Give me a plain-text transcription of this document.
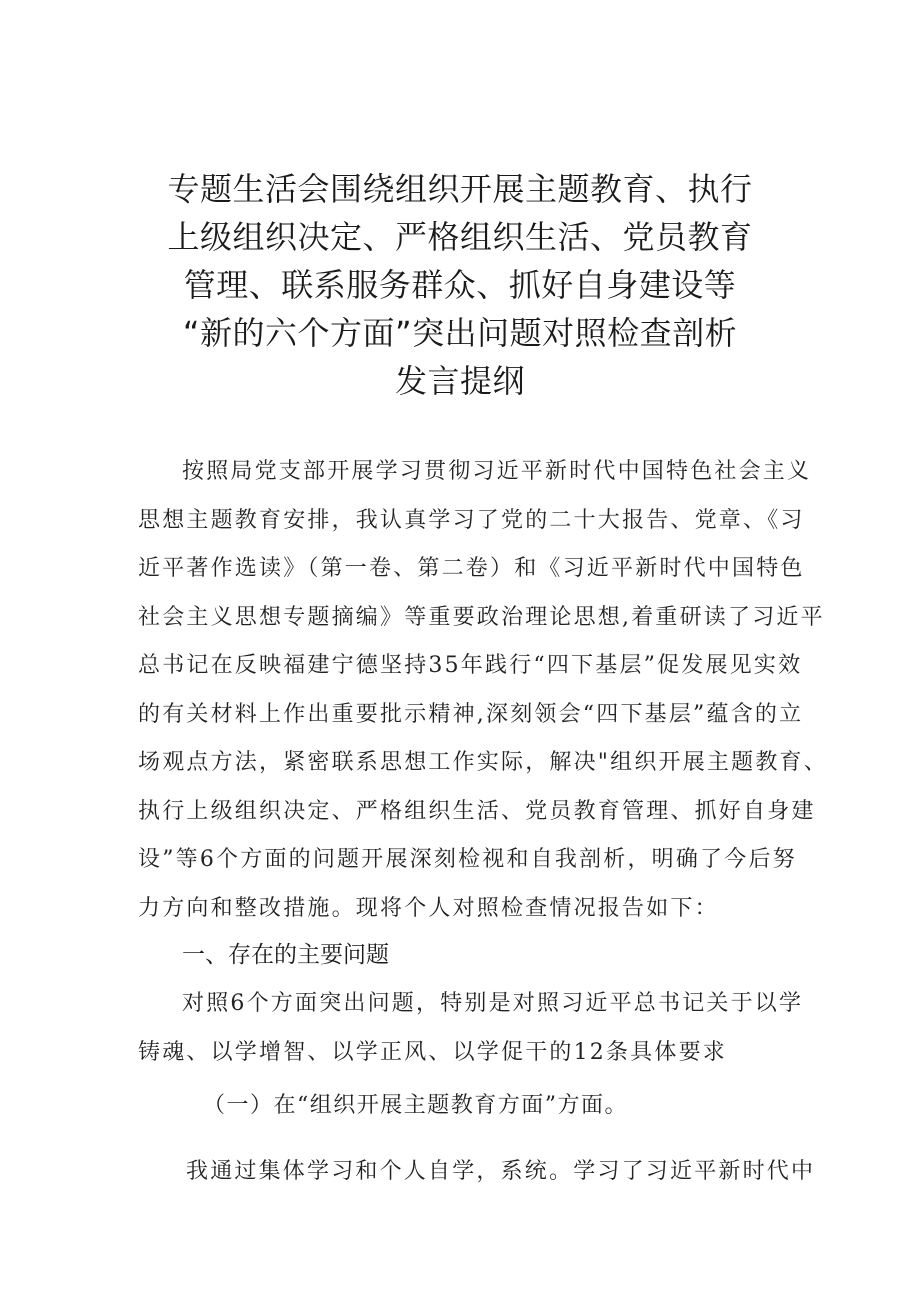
专题生活会围绕组织开展主题教育、执行
上级组织决定、严格组织生活、党员教育
管理、联系服务群众、抓好自身建设等
“新的六个方面”突出问题对照检查剖析
发言提纲
按照局党支部开展学习贯彻习近平新时代中国特色社会主义
思想主题教育安排，我认真学习了党的二十大报告、党章、《习
近平著作选读》（第一卷、第二卷）和《习近平新时代中国特色
社会主义思想专题摘编》等重要政治理论思想,着重研读了习近平
总书记在反映福建宁德坚持35年践行“四下基层”促发展见实效
的有关材料上作出重要批示精神,深刻领会“四下基层”蕴含的立
场观点方法，紧密联系思想工作实际，解决"组织开展主题教育、
执行上级组织决定、严格组织生活、党员教育管理、抓好自身建
设”等6个方面的问题开展深刻检视和自我剖析，明确了今后努
力方向和整改措施。现将个人对照检查情况报告如下：
一、存在的主要问题
对照6个方面突出问题，特别是对照习近平总书记关于以学
铸魂、以学增智、以学正风、以学促干的12条具体要求
（一）在“组织开展主题教育方面”方面。
我通过集体学习和个人自学，系统。学习了习近平新时代中
